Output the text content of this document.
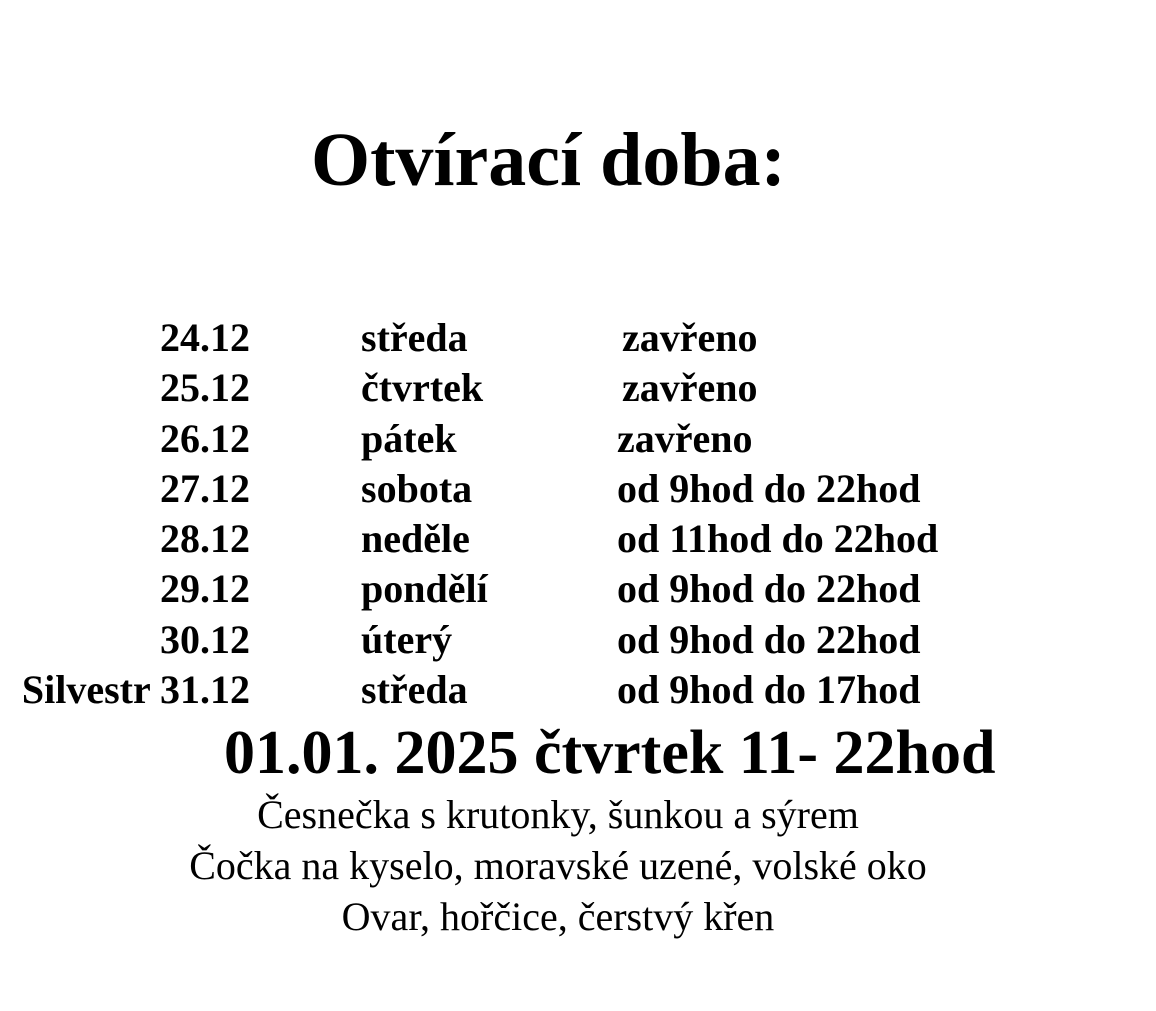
Otvírací doba:
24.12	středa	zavřeno
25.12	čtvrtek	zavřeno
26.12	pátek	zavřeno
27.12	sobota	od 9hod do 22hod
28.12	neděle	od 11hod do 22hod
29.12	pondělí	od 9hod do 22hod
30.12	úterý	od 9hod do 22hod
Silvestr 31.12	středa	od 9hod do 17hod
01.01. 2025 čtvrtek 11- 22hod
Česnečka s krutonky, šunkou a sýrem
Čočka na kyselo, moravské uzené, volské oko
Ovar, hořčice, čerstvý křen
